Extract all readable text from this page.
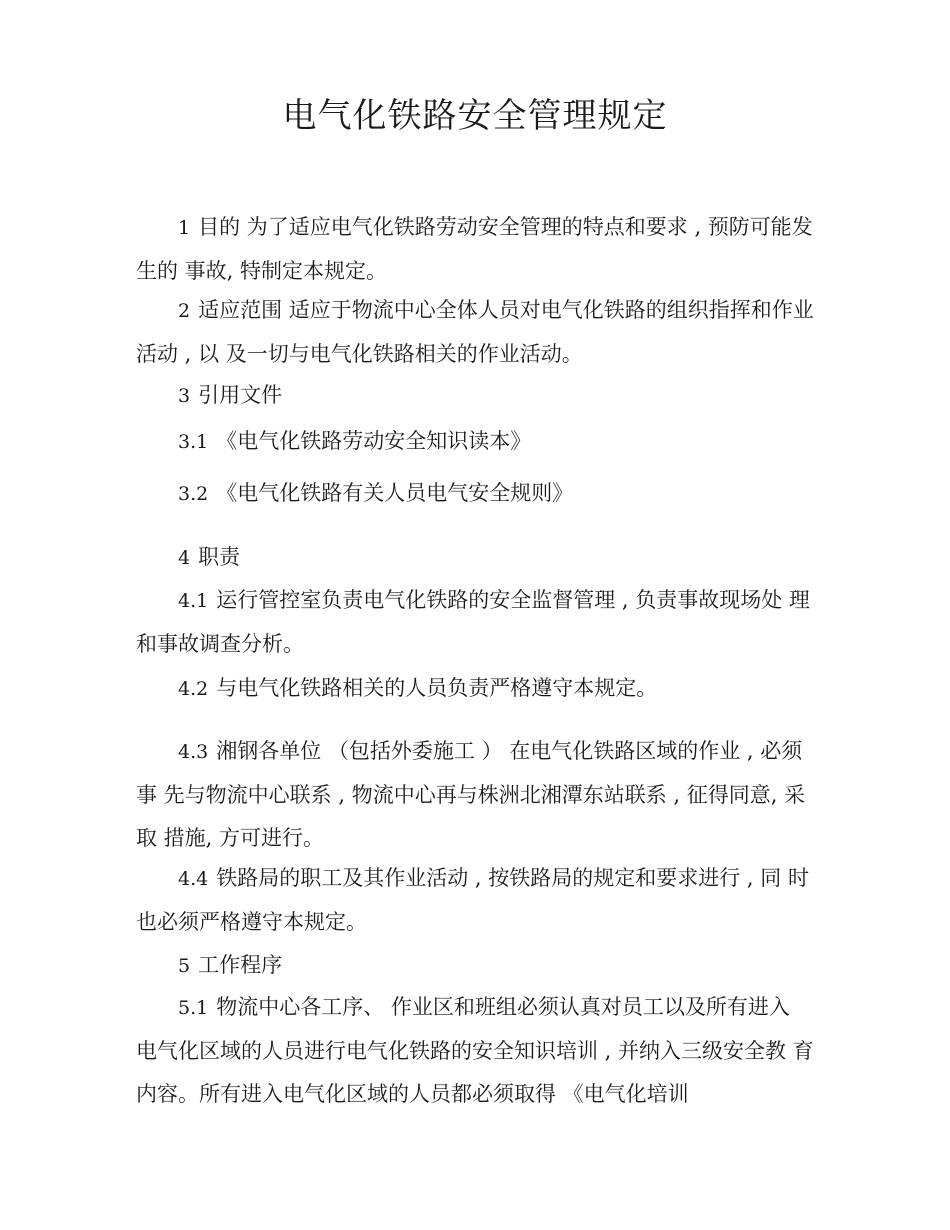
电气化铁路安全管理规定
1 目的 为了适应电气化铁路劳动安全管理的特点和要求 , 预防可能发生的 事故, 特制定本规定。
2 适应范围 适应于物流中心全体人员对电气化铁路的组织指挥和作业活动 , 以 及一切与电气化铁路相关的作业活动。
3 引用文件
3.1 《电气化铁路劳动安全知识读本》
3.2 《电气化铁路有关人员电气安全规则》
4 职责
4.1 运行管控室负责电气化铁路的安全监督管理 , 负责事故现场处 理和事故调查分析。
4.2 与电气化铁路相关的人员负责严格遵守本规定。
4.3 湘钢各单位 （包括外委施工 ） 在电气化铁路区域的作业 , 必须事 先与物流中心联系 , 物流中心再与株洲北湘潭东站联系 , 征得同意, 采取 措施, 方可进行。
4.4 铁路局的职工及其作业活动 , 按铁路局的规定和要求进行 , 同 时也必须严格遵守本规定。
5 工作程序
5.1 物流中心各工序、 作业区和班组必须认真对员工以及所有进入 电气化区域的人员进行电气化铁路的安全知识培训 , 并纳入三级安全教 育内容。所有进入电气化区域的人员都必须取得 《电气化培训
